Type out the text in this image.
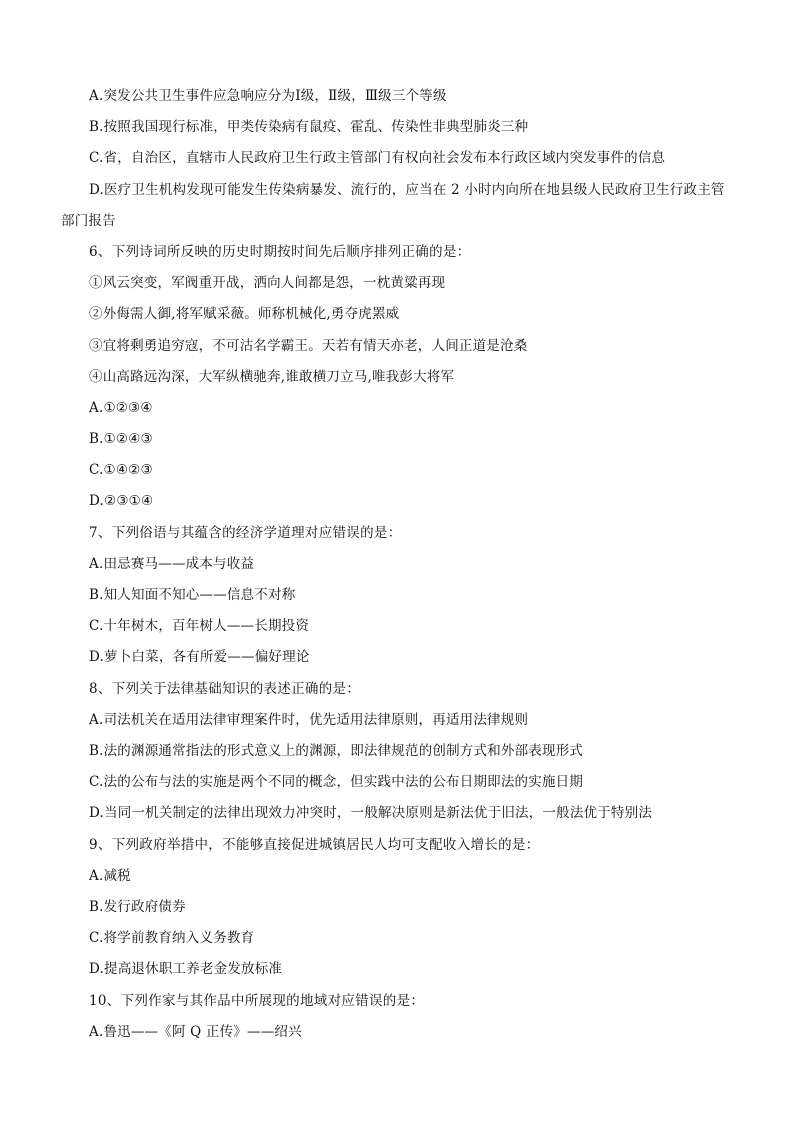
A.突发公共卫生事件应急响应分为Ⅰ级，Ⅱ级，Ⅲ级三个等级
B.按照我国现行标准，甲类传染病有鼠疫、霍乱、传染性非典型肺炎三种
C.省，自治区，直辖市人民政府卫生行政主管部门有权向社会发布本行政区域内突发事件的信息
D.医疗卫生机构发现可能发生传染病暴发、流行的，应当在 2 小时内向所在地县级人民政府卫生行政主管
部门报告
6、下列诗词所反映的历史时期按时间先后顺序排列正确的是：
①风云突变，军阀重开战，洒向人间都是怨，一枕黄粱再现
②外侮需人御,将军赋采薇。师称机械化,勇夺虎罴威
③宜将剩勇追穷寇，不可沽名学霸王。天若有情天亦老，人间正道是沧桑
④山高路远沟深，大军纵横驰奔,谁敢横刀立马,唯我彭大将军
A.①②③④
B.①②④③
C.①④②③
D.②③①④
7、下列俗语与其蕴含的经济学道理对应错误的是：
A.田忌赛马——成本与收益
B.知人知面不知心——信息不对称
C.十年树木，百年树人——长期投资
D.萝卜白菜，各有所爱——偏好理论
8、下列关于法律基础知识的表述正确的是：
A.司法机关在适用法律审理案件时，优先适用法律原则，再适用法律规则
B.法的渊源通常指法的形式意义上的渊源，即法律规范的创制方式和外部表现形式
C.法的公布与法的实施是两个不同的概念，但实践中法的公布日期即法的实施日期
D.当同一机关制定的法律出现效力冲突时，一般解决原则是新法优于旧法，一般法优于特别法
9、下列政府举措中，不能够直接促进城镇居民人均可支配收入增长的是：
A.减税
B.发行政府债券
C.将学前教育纳入义务教育
D.提高退休职工养老金发放标准
10、下列作家与其作品中所展现的地域对应错误的是：
A.鲁迅——《阿 Q 正传》——绍兴
